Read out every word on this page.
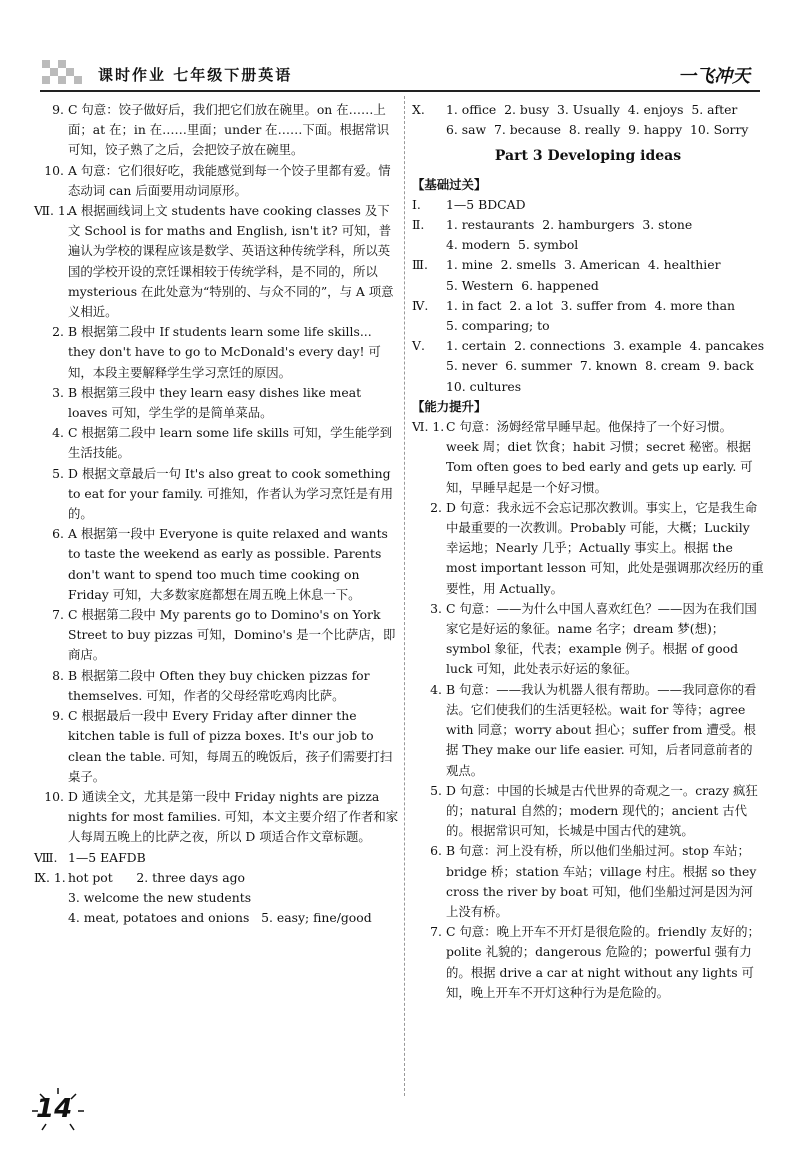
课时作业 七年级下册英语	一飞冲天
9. C 句意：饺子做好后，我们把它们放在碗里。on 在……上面；at 在；in 在……里面；under 在……下面。根据常识可知，饺子熟了之后，会把饺子放在碗里。
10. A 句意：它们很好吃，我能感觉到每一个饺子里都有爱。情态动词 can 后面要用动词原形。
Ⅶ. 1.
A 根据画线词上文 students have cooking classes 及下文 School is for maths and English, isn't it? 可知，普遍认为学校的课程应该是数学、英语这种传统学科，所以英国的学校开设的烹饪课相较于传统学科，是不同的，所以 mysterious 在此处意为“特别的、与众不同的”，与 A 项意义相近。
2. B 根据第二段中 If students learn some life skills... they don't have to go to McDonald's every day! 可知，本段主要解释学生学习烹饪的原因。
3. B 根据第三段中 they learn easy dishes like meat loaves 可知，学生学的是简单菜品。
4. C 根据第二段中 learn some life skills 可知，学生能学到生活技能。
5. D 根据文章最后一句 It's also great to cook something to eat for your family. 可推知，作者认为学习烹饪是有用的。
6. A 根据第一段中 Everyone is quite relaxed and wants to taste the weekend as early as possible. Parents don't want to spend too much time cooking on Friday 可知，大多数家庭都想在周五晚上休息一下。
7. C 根据第二段中 My parents go to Domino's on York Street to buy pizzas 可知，Domino's 是一个比萨店，即商店。
8. B 根据第二段中 Often they buy chicken pizzas for themselves. 可知，作者的父母经常吃鸡肉比萨。
9. C 根据最后一段中 Every Friday after dinner the kitchen table is full of pizza boxes. It's our job to clean the table. 可知，每周五的晚饭后，孩子们需要打扫桌子。
10. D 通读全文，尤其是第一段中 Friday nights are pizza nights for most families. 可知，本文主要介绍了作者和家人每周五晚上的比萨之夜，所以 D 项适合作文章标题。
Ⅷ. 1—5 EAFDB
Ⅸ. 1. hot pot      2. three days ago
3. welcome the new students
4. meat, potatoes and onions   5. easy; fine/good
Ⅹ. 1. office  2. busy  3. Usually  4. enjoys  5. after
6. saw  7. because  8. really  9. happy  10. Sorry
Part 3 Developing ideas
【基础过关】
Ⅰ. 1—5 BDCAD
Ⅱ. 1. restaurants  2. hamburgers  3. stone
4. modern  5. symbol
Ⅲ. 1. mine  2. smells  3. American  4. healthier
5. Western  6. happened
Ⅳ. 1. in fact  2. a lot  3. suffer from  4. more than
5. comparing; to
Ⅴ. 1. certain  2. connections  3. example  4. pancakes
5. never  6. summer  7. known  8. cream  9. back
10. cultures
【能力提升】
Ⅵ. 1. C 句意：汤姆经常早睡早起。他保持了一个好习惯。week 周；diet 饮食；habit 习惯；secret 秘密。根据 Tom often goes to bed early and gets up early. 可知，早睡早起是一个好习惯。
2. D 句意：我永远不会忘记那次教训。事实上，它是我生命中最重要的一次教训。Probably 可能，大概；Luckily 幸运地；Nearly 几乎；Actually 事实上。根据 the most important lesson 可知，此处是强调那次经历的重要性，用 Actually。
3. C 句意：——为什么中国人喜欢红色？——因为在我们国家它是好运的象征。name 名字；dream 梦(想)；symbol 象征，代表；example 例子。根据 of good luck 可知，此处表示好运的象征。
4. B 句意：——我认为机器人很有帮助。——我同意你的看法。它们使我们的生活更轻松。wait for 等待；agree with 同意；worry about 担心；suffer from 遭受。根据 They make our life easier. 可知，后者同意前者的观点。
5. D 句意：中国的长城是古代世界的奇观之一。crazy 疯狂的；natural 自然的；modern 现代的；ancient 古代的。根据常识可知，长城是中国古代的建筑。
6. B 句意：河上没有桥，所以他们坐船过河。stop 车站；bridge 桥；station 车站；village 村庄。根据 so they cross the river by boat 可知，他们坐船过河是因为河上没有桥。
7. C 句意：晚上开车不开灯是很危险的。friendly 友好的；polite 礼貌的；dangerous 危险的；powerful 强有力的。根据 drive a car at night without any lights 可知，晚上开车不开灯这种行为是危险的。
14
